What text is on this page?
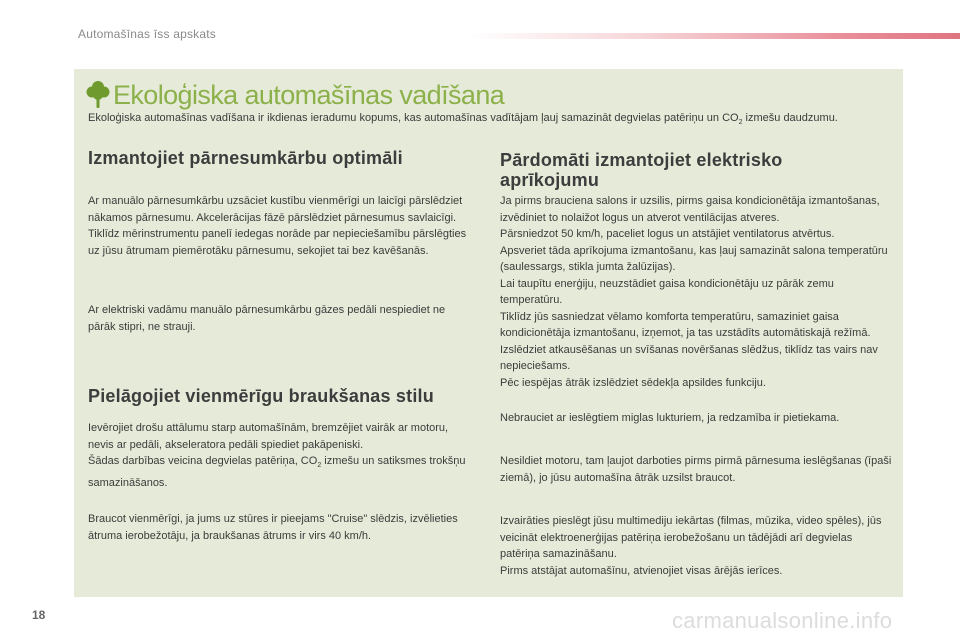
Automašīnas īss apskats
Ekoloģiska automašīnas vadīšana
Ekoloģiska automašīnas vadīšana ir ikdienas ieradumu kopums, kas automašīnas vadītājam ļauj samazināt degvielas patēriņu un $CO_2$ izmešu daudzumu.
Izmantojiet pārnesumkārbu optimāli

Ar manuālo pārnesumkārbu uzsāciet kustību vienmērīgi un laicīgi pārslēdziet nākamos pārnesumu. Akcelerācijas fāzē pārslēdziet pārnesumus savlaicīgi.

Tiklīdz mērinstrumentu panelī iedegas norāde par nepieciešamību pārslēgties uz jūsu ātrumam piemērotāku pārnesumu, sekojiet tai bez kavēšanās.

Ar elektriski vadāmu manuālo pārnesumkārbu gāzes pedāli nespiediet ne pārāk stipri, ne strauji.

Pielāgojiet vienmērīgu braukšanas stilu

Ievērojiet drošu attālumu starp automašīnām, bremzējiet vairāk ar motoru, nevis ar pedāli, akseleratora pedāli spiediet pakāpeniski.

Šādas darbības veicina degvielas patēriņa, $CO_2$ izmešu un satiksmes trokšņu samazināšanos.

Braucot vienmērīgi, ja jums uz stūres ir pieejams "Cruise" slēdzis, izvēlieties ātruma ierobežotāju, ja braukšanas ātrums ir virs 40 km/h.

Pārdomāti izmantojiet elektrisko
aprīkojumu

Ja pirms brauciena salons ir uzsilis, pirms gaisa kondicionētāja izmantošanas, izvēdiniet to nolaižot logus un atverot ventilācijas atveres.

Pārsniedzot 50 km/h, paceliet logus un atstājiet ventilatorus atvērtus.

Apsveriet tāda aprīkojuma izmantošanu, kas ļauj samazināt salona temperatūru (saulessargs, stikla jumta žalūzijas).

Lai taupītu enerģiju, neuzstādiet gaisa kondicionētāju uz pārāk zemu temperatūru.

Tiklīdz jūs sasniedzat vēlamo komforta temperatūru, samaziniet gaisa kondicionētāja izmantošanu, izņemot, ja tas uzstādīts automātiskajā režīmā.

Izslēdziet atkausēšanas un svīšanas novēršanas slēdžus, tiklīdz tas vairs nav nepieciešams.

Pēc iespējas ātrāk izslēdziet sēdekļa apsildes funkciju.

Nebrauciet ar ieslēgtiem miglas lukturiem, ja redzamība ir pietiekama.

Nesildiet motoru, tam ļaujot darboties pirms pirmā pārnesuma ieslēgšanas (īpaši ziemā), jo jūsu automašīna ātrāk uzsilst braucot.

Izvairāties pieslēgt jūsu multimediju iekārtas (filmas, mūzika, video spēles), jūs veicināt elektroenerģijas patēriņa ierobežošanu un tādējādi arī degvielas patēriņa samazināšanu.

Pirms atstājat automašīnu, atvienojiet visas ārējās ierīces.

18	carmanualsonline.info
